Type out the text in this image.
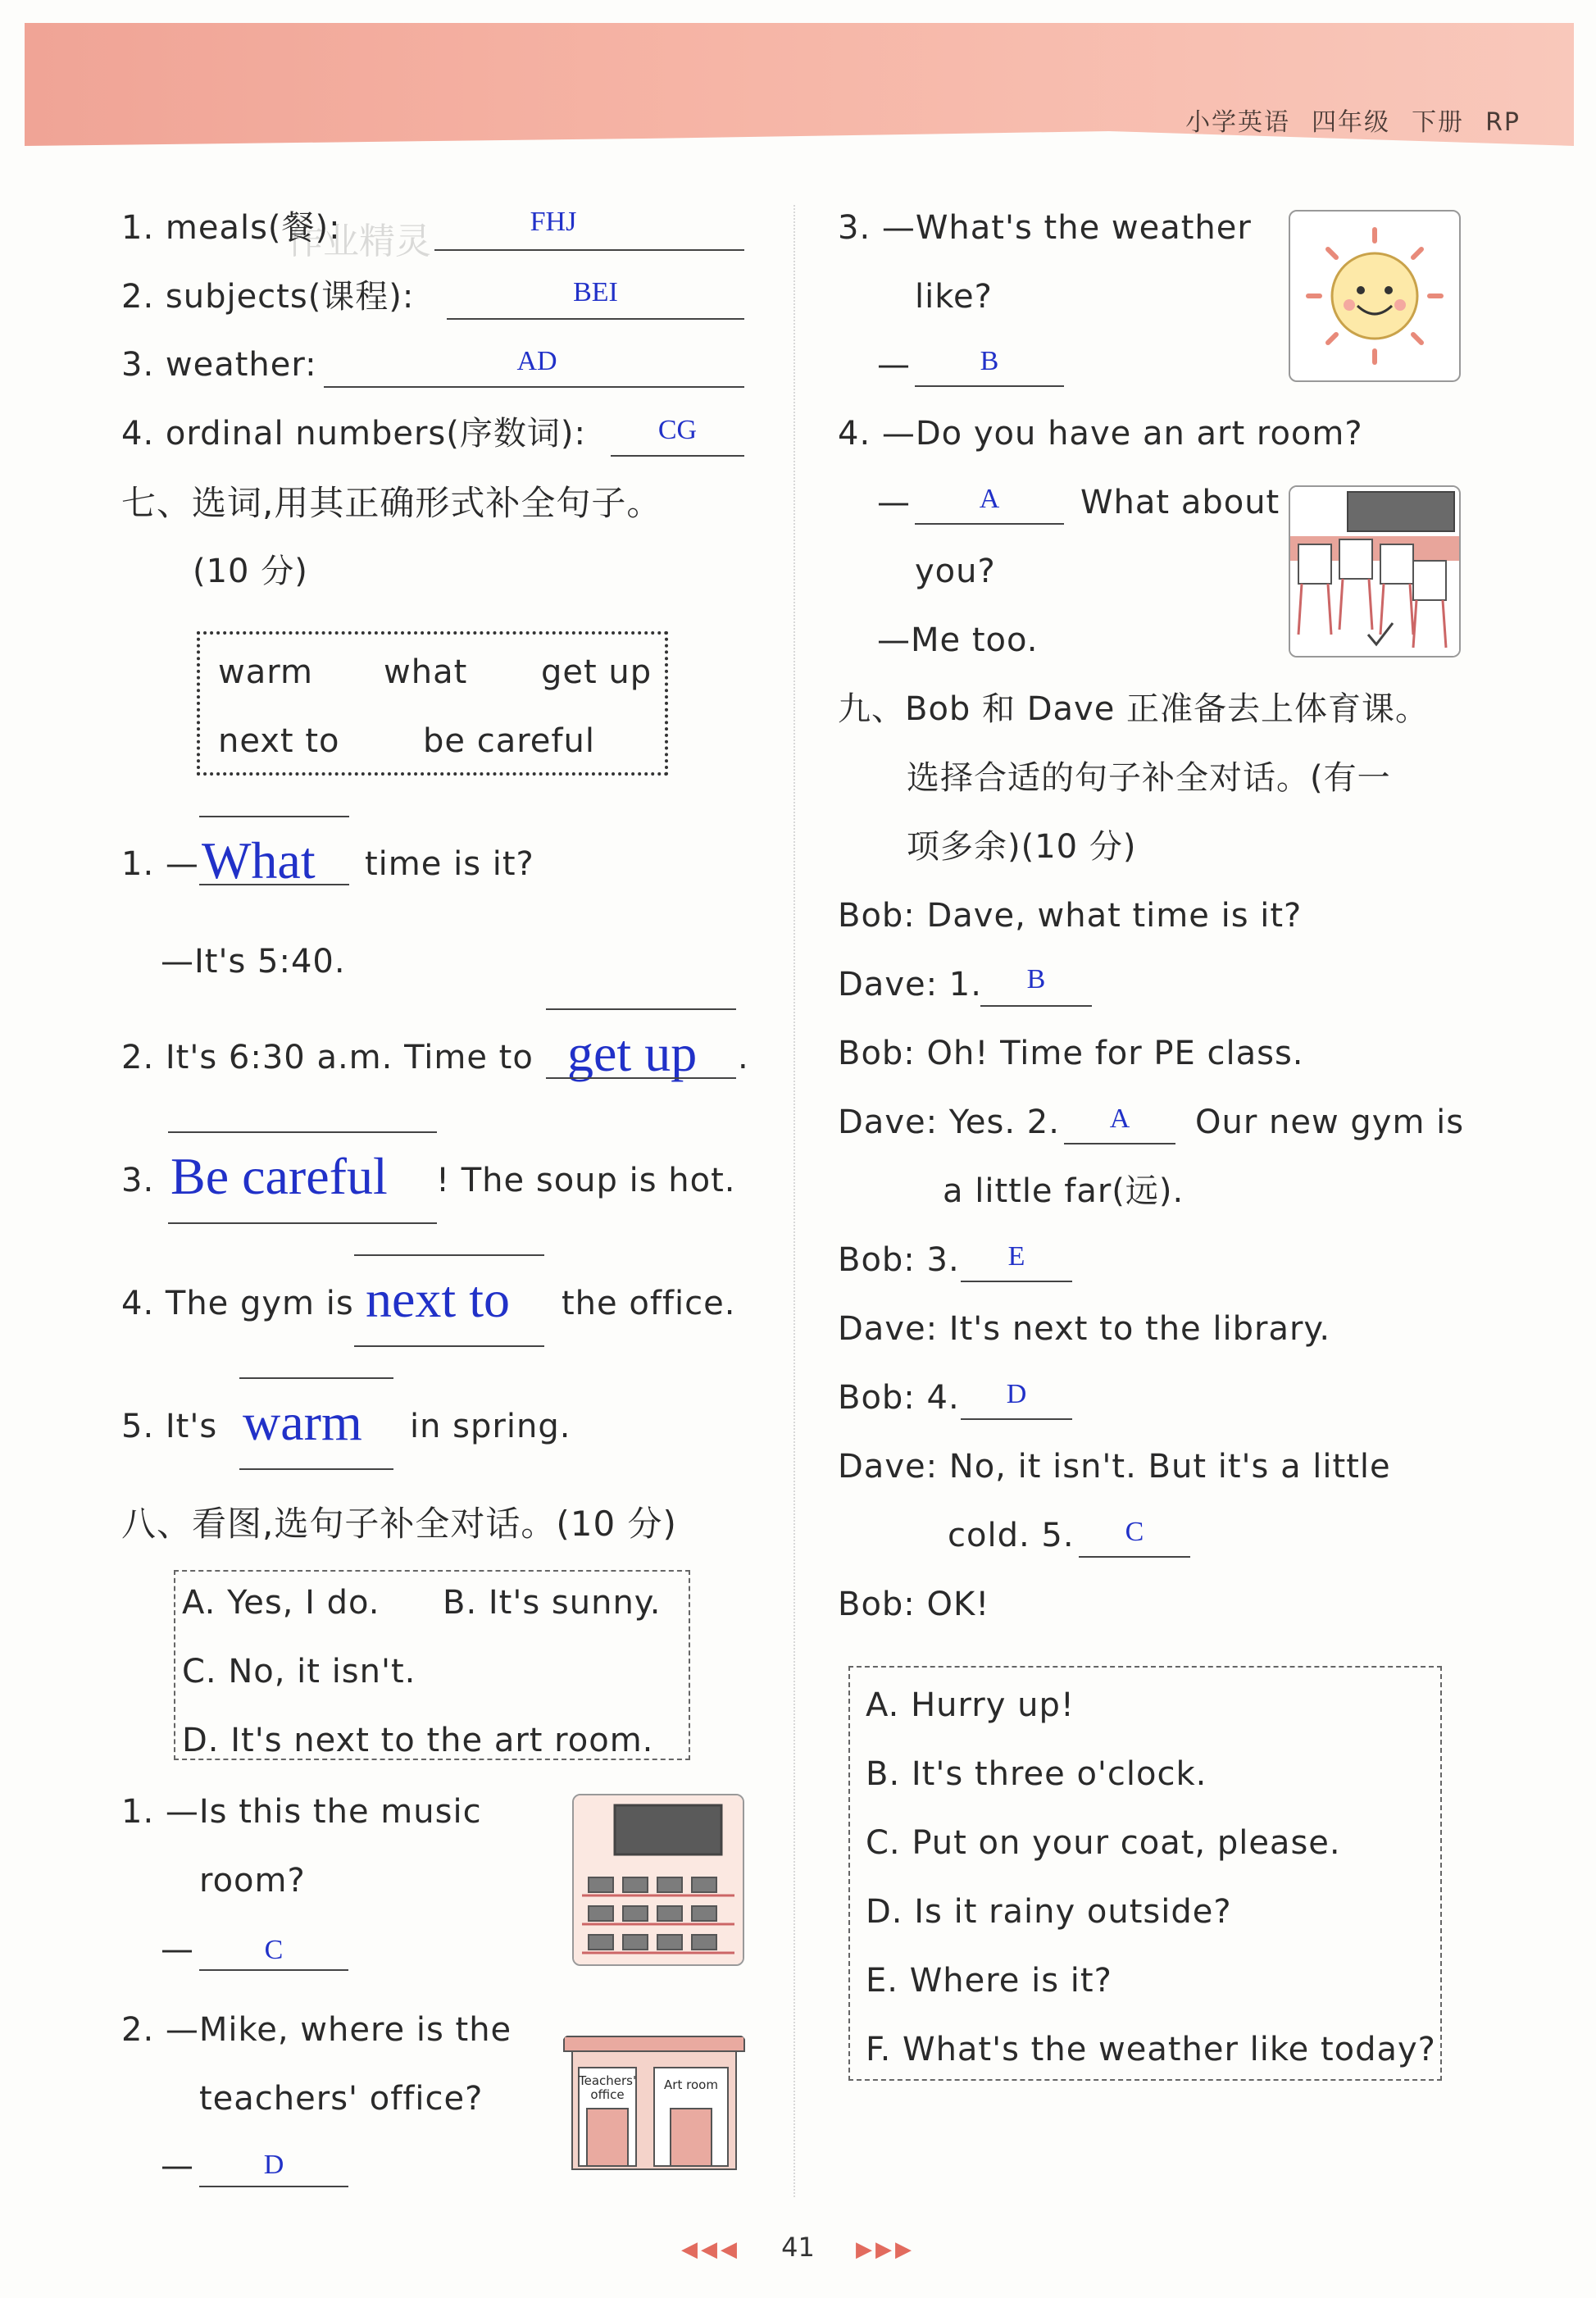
小学英语 四年级 下册 RP
作业精灵
1. meals(餐):	FHJ
2. subjects(课程):	BEI
3. weather:	AD
4. ordinal numbers(序数词):	CG
七、选词,用其正确形式补全句子。
(10 分)
warm what get up
next to	be careful
1. — What time is it?
—It's 5:40.
2. It's 6:30 a.m. Time to get up .
3. Be careful ! The soup is hot.
4. The gym is next to the office.
5. It's warm in spring.
八、看图,选句子补全对话。(10 分)
A. Yes, I do. B. It's sunny.
C. No, it isn't.
D. It's next to the art room.
1. —Is this the music
room?
—	C
2. —Mike, where is the
teachers' office?
—	D
Teachers' office
Art room
3. —What's the weather
like?
—	B
4. —Do you have an art room?
—	A	What about
you?
—Me too.
九、Bob 和 Dave 正准备去上体育课。
选择合适的句子补全对话。(有一
项多余)(10 分)
Bob: Dave, what time is it?
Dave: 1.	B
Bob: Oh! Time for PE class.
Dave: Yes. 2.	A	Our new gym is
a little far(远).
Bob: 3.	E
Dave: It's next to the library.
Bob: 4.	D
Dave: No, it isn't. But it's a little
cold. 5.	C
Bob: OK!
A. Hurry up!
B. It's three o'clock.
C. Put on your coat, please.
D. Is it rainy outside?
E. Where is it?
F. What's the weather like today?
◀◀◀ 41 ▶▶▶
